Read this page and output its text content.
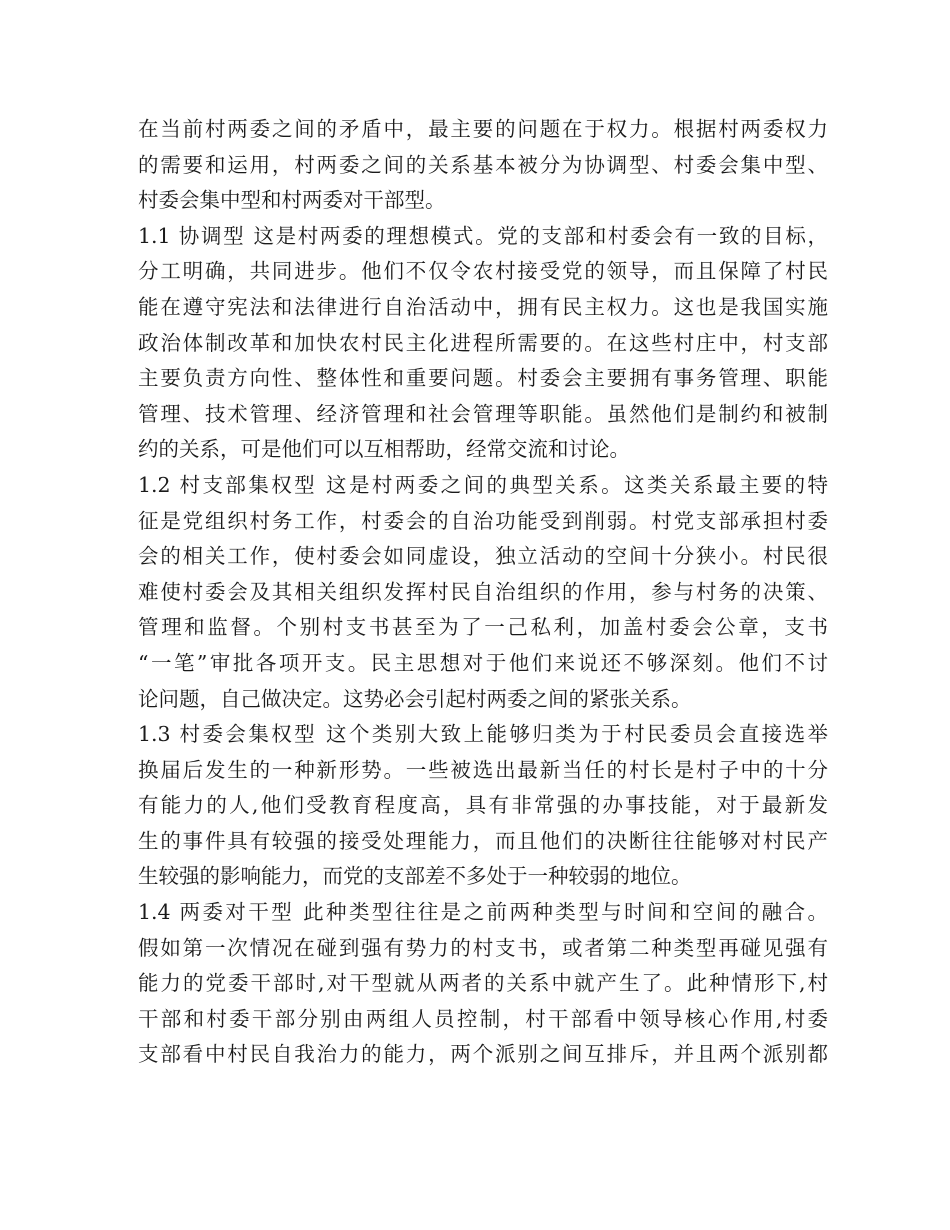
在当前村两委之间的矛盾中，最主要的问题在于权力。根据村两委权力
的需要和运用，村两委之间的关系基本被分为协调型、村委会集中型、
村委会集中型和村两委对干部型。
1.1 协调型 这是村两委的理想模式。党的支部和村委会有一致的目标，
分工明确，共同进步。他们不仅令农村接受党的领导，而且保障了村民
能在遵守宪法和法律进行自治活动中，拥有民主权力。这也是我国实施
政治体制改革和加快农村民主化进程所需要的。在这些村庄中，村支部
主要负责方向性、整体性和重要问题。村委会主要拥有事务管理、职能
管理、技术管理、经济管理和社会管理等职能。虽然他们是制约和被制
约的关系，可是他们可以互相帮助，经常交流和讨论。
1.2 村支部集权型 这是村两委之间的典型关系。这类关系最主要的特
征是党组织村务工作，村委会的自治功能受到削弱。村党支部承担村委
会的相关工作，使村委会如同虚设，独立活动的空间十分狭小。村民很
难使村委会及其相关组织发挥村民自治组织的作用，参与村务的决策、
管理和监督。个别村支书甚至为了一己私利，加盖村委会公章，支书
“一笔”审批各项开支。民主思想对于他们来说还不够深刻。他们不讨
论问题，自己做决定。这势必会引起村两委之间的紧张关系。
1.3 村委会集权型 这个类别大致上能够归类为于村民委员会直接选举
换届后发生的一种新形势。一些被选出最新当任的村长是村子中的十分
有能力的人,他们受教育程度高，具有非常强的办事技能，对于最新发
生的事件具有较强的接受处理能力，而且他们的决断往往能够对村民产
生较强的影响能力，而党的支部差不多处于一种较弱的地位。
1.4 两委对干型 此种类型往往是之前两种类型与时间和空间的融合。
假如第一次情况在碰到强有势力的村支书，或者第二种类型再碰见强有
能力的党委干部时,对干型就从两者的关系中就产生了。此种情形下,村
干部和村委干部分别由两组人员控制，村干部看中领导核心作用,村委
支部看中村民自我治力的能力，两个派别之间互排斥，并且两个派别都
